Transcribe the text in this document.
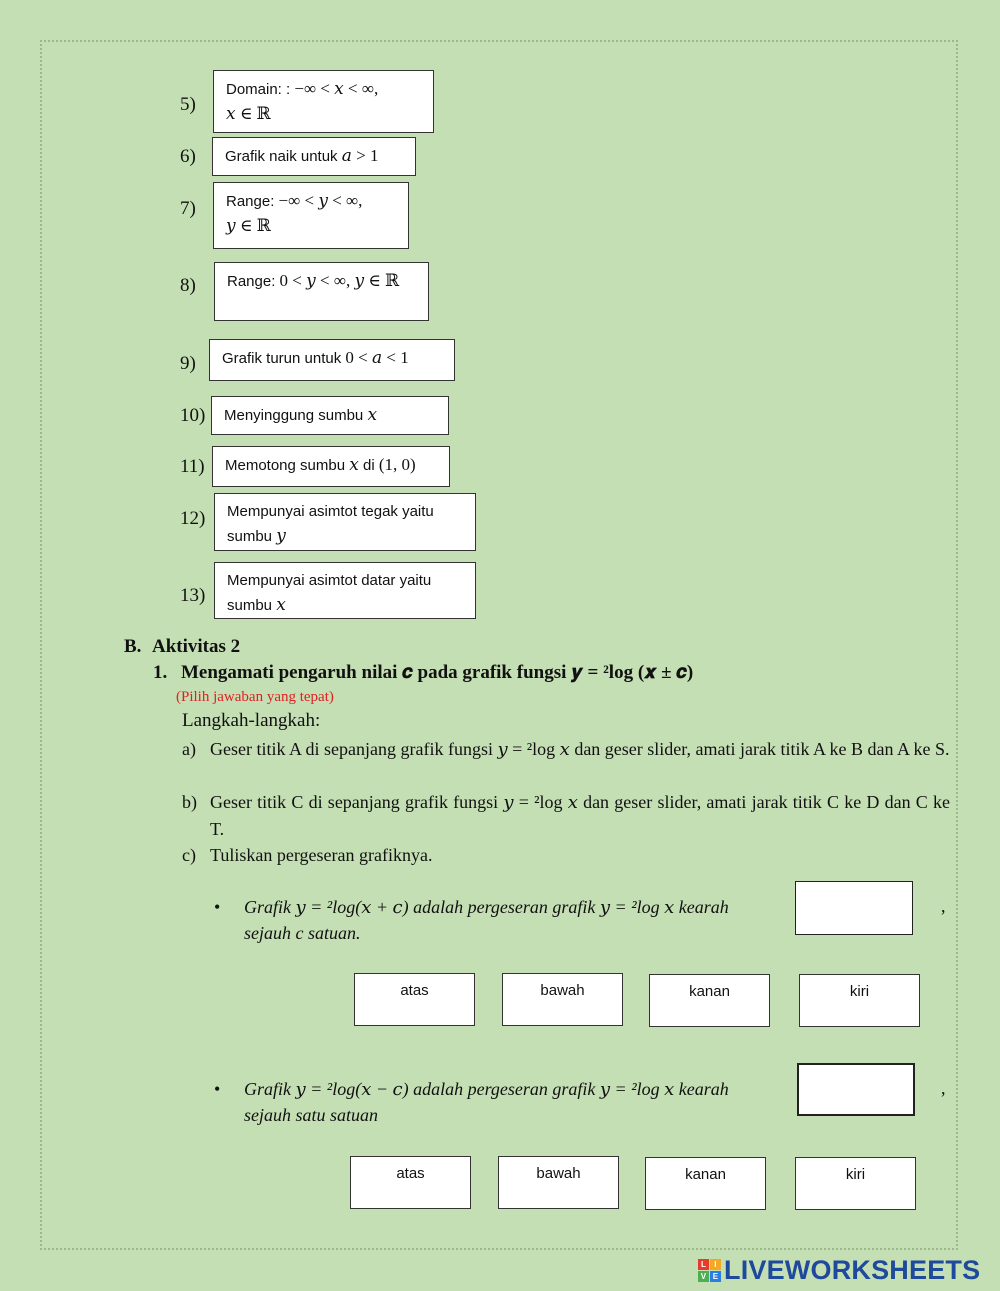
5)
Domain: : −∞ < 𝑥 < ∞,
𝑥 ∈ ℝ
6)	Grafik naik untuk 𝑎 > 1
7) Range: −∞ < 𝑦 < ∞,
𝑦 ∈ ℝ
8)	Range: 0 < 𝑦 < ∞, 𝑦 ∈ ℝ
9)	Grafik turun untuk 0 < 𝑎 < 1
10)	Menyinggung sumbu 𝑥
11)	Memotong sumbu 𝑥 di (1, 0)
12) Mempunyai asimtot tegak yaitu
sumbu 𝑦
13)
Mempunyai asimtot datar yaitu
sumbu 𝑥
B. Aktivitas 2
1. Mengamati pengaruh nilai 𝒄 pada grafik fungsi 𝒚 = ²log (𝒙 ± 𝒄)
(Pilih jawaban yang tepat)
Langkah-langkah:
a) Geser titik A di sepanjang grafik fungsi 𝑦 = ²log 𝑥 dan geser slider, amati jarak titik A ke B dan A ke S.
b) Geser titik C di sepanjang grafik fungsi 𝑦 = ²log 𝑥 dan geser slider, amati jarak titik C ke D dan C ke T.
c) Tuliskan pergeseran grafiknya.
• Grafik 𝑦 = ²log(𝑥 + 𝑐) adalah pergeseran grafik 𝑦 = ²log 𝑥 kearah
sejauh c satuan.
,
atas	bawah	kanan	kiri
• Grafik 𝑦 = ²log(𝑥 − 𝑐) adalah pergeseran grafik 𝑦 = ²log 𝑥 kearah
sejauh satu satuan
,
atas	bawah	kanan	kiri
L	I
V E LIVEWORKSHEETS
